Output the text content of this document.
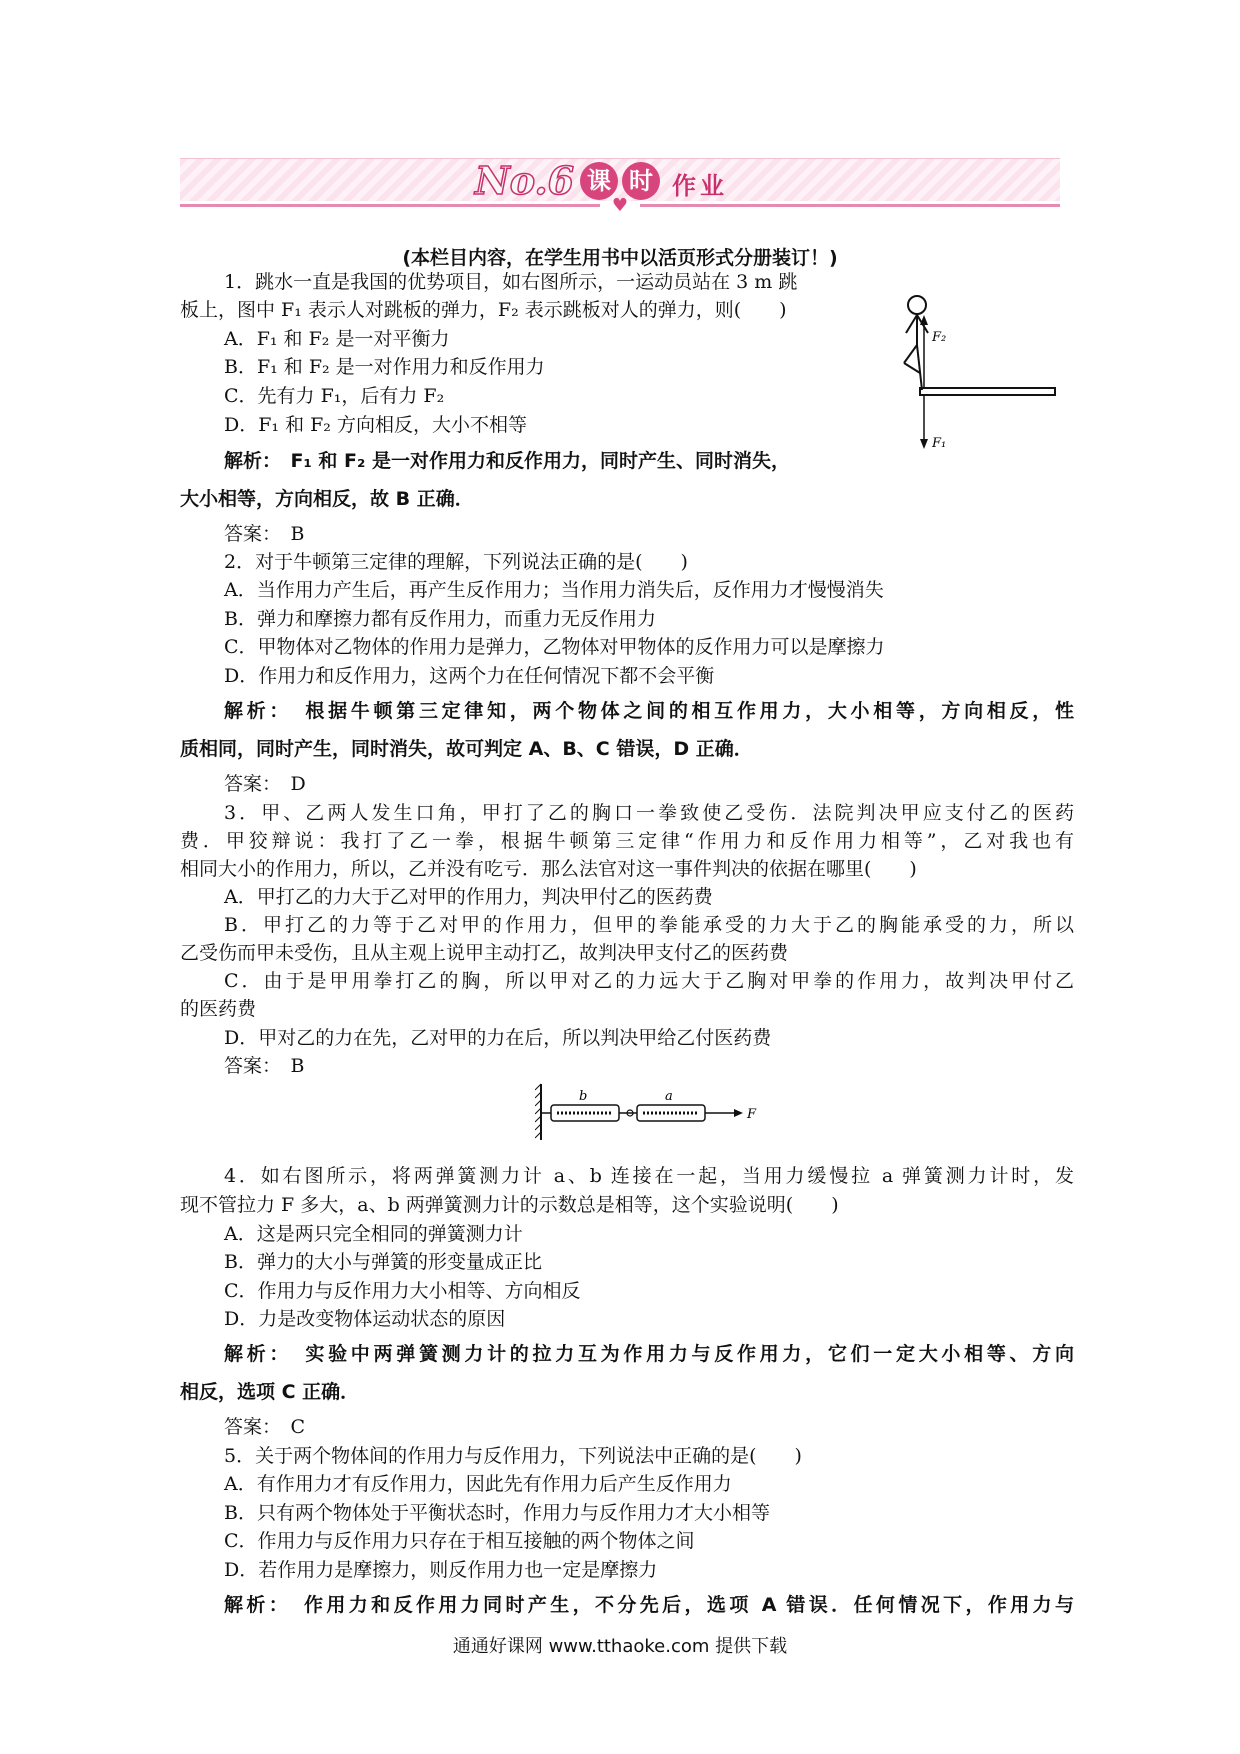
No.6 课 时 作业
♥
(本栏目内容，在学生用书中以活页形式分册装订！)
1．跳水一直是我国的优势项目，如右图所示，一运动员站在 3 m 跳
板上，图中 F₁ 表示人对跳板的弹力，F₂ 表示跳板对人的弹力，则(　　)
A．F₁ 和 F₂ 是一对平衡力
B．F₁ 和 F₂ 是一对作用力和反作用力
C．先有力 F₁，后有力 F₂
D．F₁ 和 F₂ 方向相反，大小不相等
解析：　F₁ 和 F₂ 是一对作用力和反作用力，同时产生、同时消失，
大小相等，方向相反，故 B 正确．
答案：　B
F₂
F₁
2．对于牛顿第三定律的理解，下列说法正确的是(　　)
A．当作用力产生后，再产生反作用力；当作用力消失后，反作用力才慢慢消失
B．弹力和摩擦力都有反作用力，而重力无反作用力
C．甲物体对乙物体的作用力是弹力，乙物体对甲物体的反作用力可以是摩擦力
D．作用力和反作用力，这两个力在任何情况下都不会平衡
解析：　根据牛顿第三定律知，两个物体之间的相互作用力，大小相等，方向相反，性
质相同，同时产生，同时消失，故可判定 A、B、C 错误，D 正确．
答案：　D
3．甲、乙两人发生口角，甲打了乙的胸口一拳致使乙受伤．法院判决甲应支付乙的医药
费．甲狡辩说：我打了乙一拳，根据牛顿第三定律“作用力和反作用力相等”，乙对我也有
相同大小的作用力，所以，乙并没有吃亏．那么法官对这一事件判决的依据在哪里(　　)
A．甲打乙的力大于乙对甲的作用力，判决甲付乙的医药费
B．甲打乙的力等于乙对甲的作用力，但甲的拳能承受的力大于乙的胸能承受的力，所以
乙受伤而甲未受伤，且从主观上说甲主动打乙，故判决甲支付乙的医药费
C．由于是甲用拳打乙的胸，所以甲对乙的力远大于乙胸对甲拳的作用力，故判决甲付乙
的医药费
D．甲对乙的力在先，乙对甲的力在后，所以判决甲给乙付医药费
答案：　B
b	a
F
4．如右图所示，将两弹簧测力计 a、b 连接在一起，当用力缓慢拉 a 弹簧测力计时，发
现不管拉力 F 多大，a、b 两弹簧测力计的示数总是相等，这个实验说明(　　)
A．这是两只完全相同的弹簧测力计
B．弹力的大小与弹簧的形变量成正比
C．作用力与反作用力大小相等、方向相反
D．力是改变物体运动状态的原因
解析：　实验中两弹簧测力计的拉力互为作用力与反作用力，它们一定大小相等、方向
相反，选项 C 正确．
答案：　C
5．关于两个物体间的作用力与反作用力，下列说法中正确的是(　　)
A．有作用力才有反作用力，因此先有作用力后产生反作用力
B．只有两个物体处于平衡状态时，作用力与反作用力才大小相等
C．作用力与反作用力只存在于相互接触的两个物体之间
D．若作用力是摩擦力，则反作用力也一定是摩擦力
解析：　作用力和反作用力同时产生，不分先后，选项 A 错误．任何情况下，作用力与
通通好课网 www.tthaoke.com 提供下载
